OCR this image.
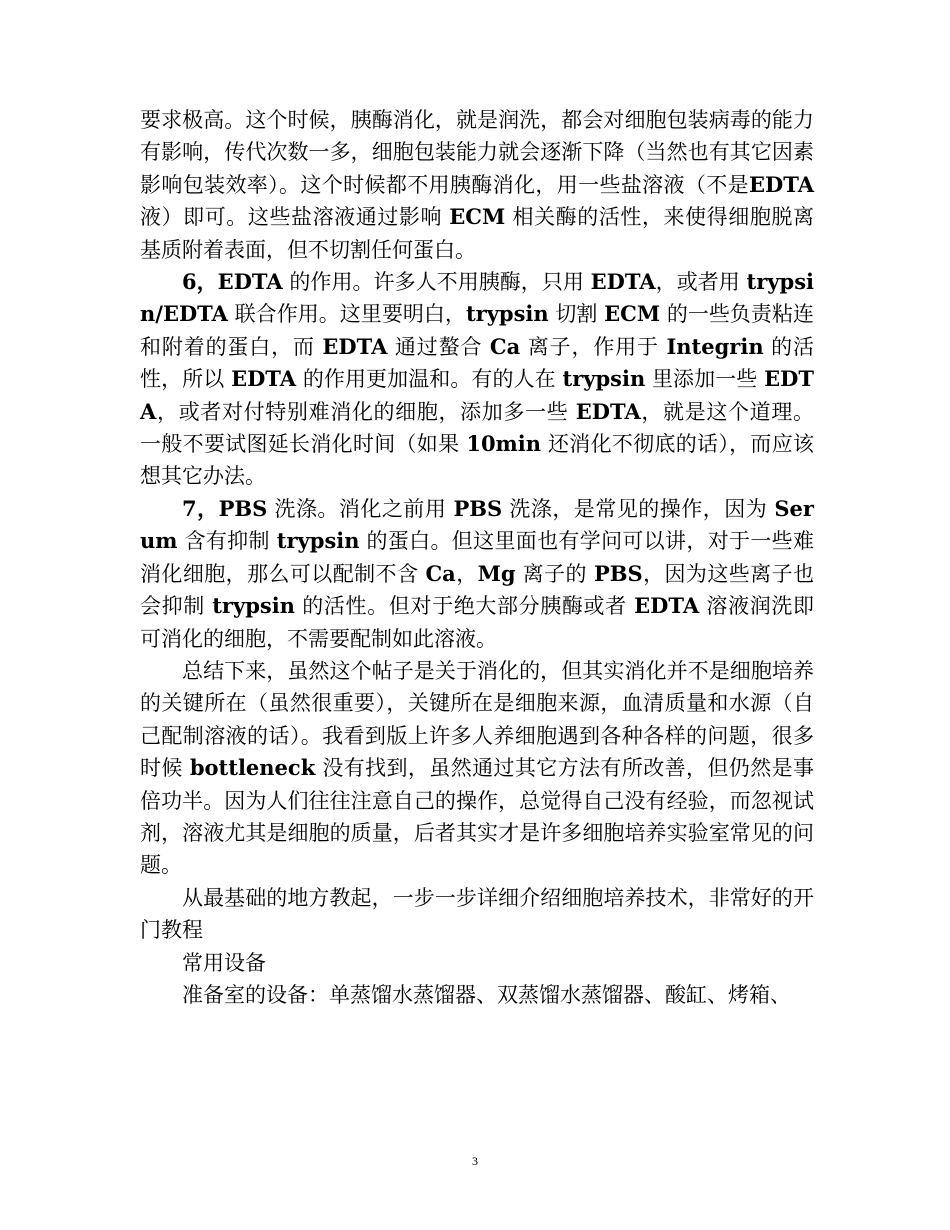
要求极高。这个时候，胰酶消化，就是润洗，都会对细胞包装病毒的能力有影响，传代次数一多，细胞包装能力就会逐渐下降（当然也有其它因素影响包装效率）。这个时候都不用胰酶消化，用一些盐溶液（不是EDTA 液）即可。这些盐溶液通过影响 ECM 相关酶的活性，来使得细胞脱离基质附着表面，但不切割任何蛋白。

6，EDTA 的作用。许多人不用胰酶，只用 EDTA，或者用 trypsin/EDTA 联合作用。这里要明白，trypsin 切割 ECM 的一些负责粘连和附着的蛋白，而 EDTA 通过螯合 Ca 离子，作用于 Integrin 的活性，所以 EDTA 的作用更加温和。有的人在 trypsin 里添加一些 EDTA，或者对付特别难消化的细胞，添加多一些 EDTA，就是这个道理。一般不要试图延长消化时间（如果 10min 还消化不彻底的话），而应该想其它办法。

7，PBS 洗涤。消化之前用 PBS 洗涤，是常见的操作，因为 Serum 含有抑制 trypsin 的蛋白。但这里面也有学问可以讲，对于一些难消化细胞，那么可以配制不含 Ca，Mg 离子的 PBS，因为这些离子也会抑制 trypsin 的活性。但对于绝大部分胰酶或者 EDTA 溶液润洗即可消化的细胞，不需要配制如此溶液。

总结下来，虽然这个帖子是关于消化的，但其实消化并不是细胞培养的关键所在（虽然很重要），关键所在是细胞来源，血清质量和水源（自己配制溶液的话）。我看到版上许多人养细胞遇到各种各样的问题，很多时候 bottleneck 没有找到，虽然通过其它方法有所改善，但仍然是事倍功半。因为人们往往注意自己的操作，总觉得自己没有经验，而忽视试剂，溶液尤其是细胞的质量，后者其实才是许多细胞培养实验室常见的问题。

从最基础的地方教起，一步一步详细介绍细胞培养技术，非常好的开门教程

常用设备

准备室的设备：单蒸馏水蒸馏器、双蒸馏水蒸馏器、酸缸、烤箱、

3
